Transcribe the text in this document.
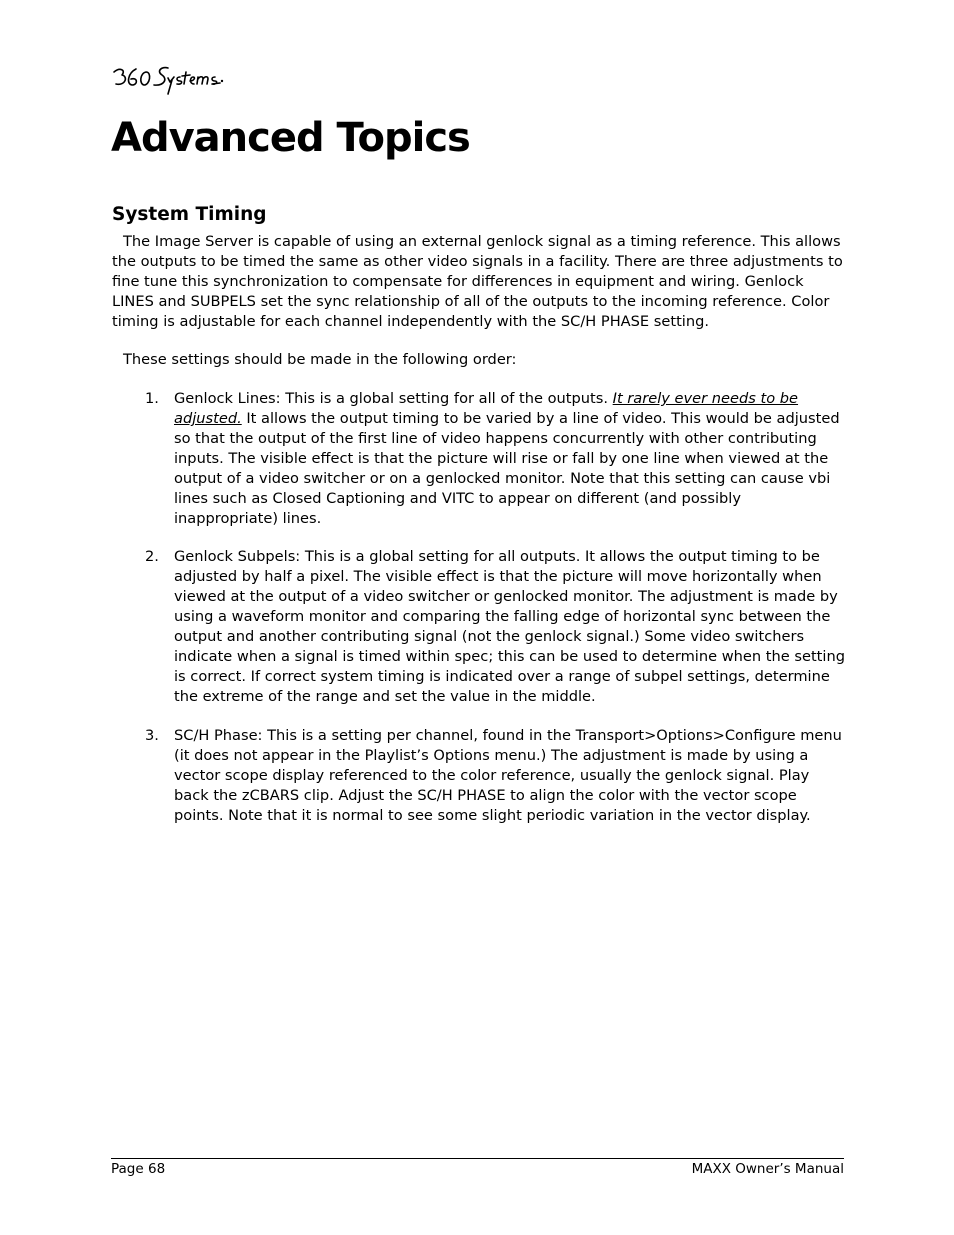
Advanced Topics
System Timing

The Image Server is capable of using an external genlock signal as a timing reference. This allows the outputs to be timed the same as other video signals in a facility. There are three adjustments to fine tune this synchronization to compensate for differences in equipment and wiring. Genlock LINES and SUBPELS set the sync relationship of all of the outputs to the incoming reference. Color timing is adjustable for each channel independently with the SC/H PHASE setting.

These settings should be made in the following order:

1. Genlock Lines: This is a global setting for all of the outputs. It rarely ever needs to be adjusted. It allows the output timing to be varied by a line of video. This would be adjusted so that the output of the first line of video happens concurrently with other contributing inputs. The visible effect is that the picture will rise or fall by one line when viewed at the output of a video switcher or on a genlocked monitor. Note that this setting can cause vbi lines such as Closed Captioning and VITC to appear on different (and possibly inappropriate) lines.

2. Genlock Subpels: This is a global setting for all outputs. It allows the output timing to be adjusted by half a pixel. The visible effect is that the picture will move horizontally when viewed at the output of a video switcher or genlocked monitor. The adjustment is made by using a waveform monitor and comparing the falling edge of horizontal sync between the output and another contributing signal (not the genlock signal.) Some video switchers indicate when a signal is timed within spec; this can be used to determine when the setting is correct. If correct system timing is indicated over a range of subpel settings, determine the extreme of the range and set the value in the middle.

3. SC/H Phase: This is a setting per channel, found in the Transport>Options>Configure menu (it does not appear in the Playlist’s Options menu.) The adjustment is made by using a vector scope display referenced to the color reference, usually the genlock signal. Play back the zCBARS clip. Adjust the SC/H PHASE to align the color with the vector scope points. Note that it is normal to see some slight periodic variation in the vector display.

Page 68	MAXX Owner’s Manual
